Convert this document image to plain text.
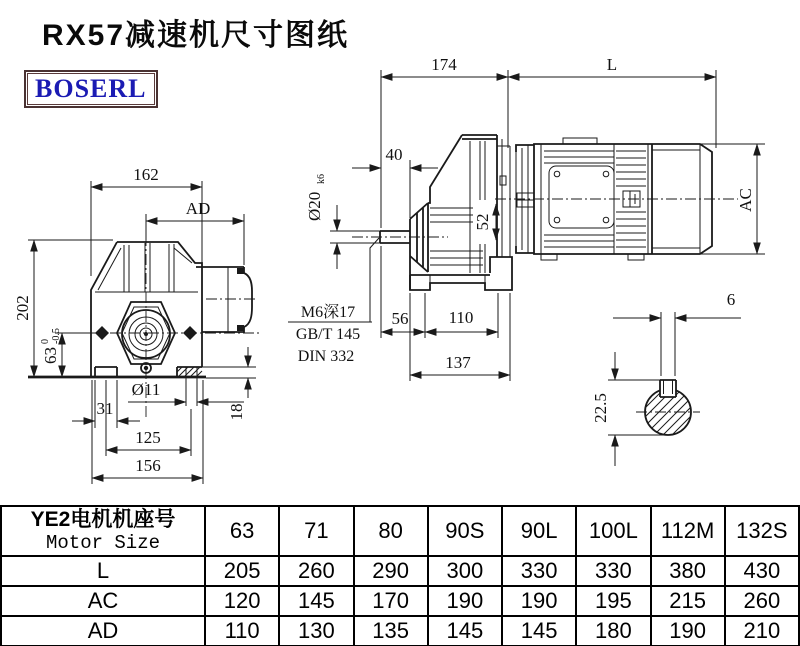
162
AD
202
63
0 -0.5
31
Ø11
125
156
18
174	L
40
Ø20
k6
52
AC
56 110
137
M6深17
GB/T 145
DIN 332
6
22.5
RX57减速机尺寸图纸
BOSERL
YE2电机机座号
Motor Size	63	71	80	90S	90L	100L	112M	132S
L	205	260	290	300	330	330	380	430
AC	120	145	170	190	190	195	215	260
AD	110	130	135	145	145	180	190	210
